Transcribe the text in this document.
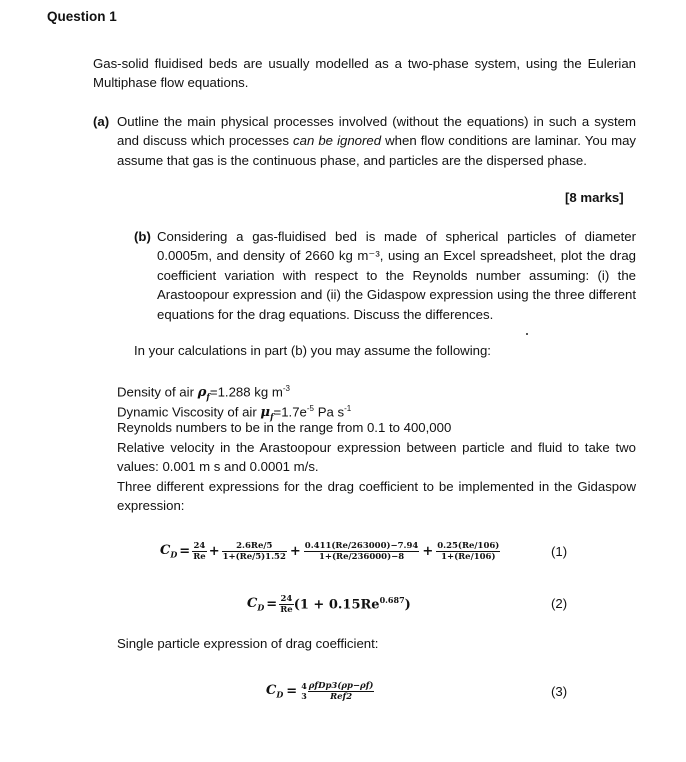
Question 1
Gas-solid fluidised beds are usually modelled as a two-phase system, using the Eulerian Multiphase flow equations.
(a) Outline the main physical processes involved (without the equations) in such a system and discuss which processes can be ignored when flow conditions are laminar. You may assume that gas is the continuous phase, and particles are the dispersed phase.
[8 marks]
(b) Considering a gas-fluidised bed is made of spherical particles of diameter 0.0005m, and density of 2660 kg m⁻³, using an Excel spreadsheet, plot the drag coefficient variation with respect to the Reynolds number assuming: (i) the Arastoopour expression and (ii) the Gidaspow expression using the three different equations for the drag equations. Discuss the differences.
In your calculations in part (b) you may assume the following:
Density of air $\rho_f=1.288$ kg $m^{-3}$
Dynamic Viscosity of air $\mu_f=1.7e^{-5}$ Pa $s^{-1}$
Reynolds numbers to be in the range from 0.1 to 400,000
Relative velocity in the Arastoopour expression between particle and fluid to take two values: 0.001 m s and 0.0001 m/s.
Three different expressions for the drag coefficient to be implemented in the Gidaspow expression:
$C_D = \frac{24}{Re} + \frac{2.6Re/5}{1+(Re/5)1.52} + \frac{0.411(Re/263000)-7.94}{1+(Re/236000)-8} + \frac{0.25(Re/106)}{1+(Re/106)}$	(1)
$C_D = \frac{24}{Re} (1 + 0.15Re^{0.687})$	(2)
Single particle expression of drag coefficient:
$C_D = 4$
$3 \frac{\text{ρfDp3(ρp−ρf)}}{\text{Ref2}}$	(3)
